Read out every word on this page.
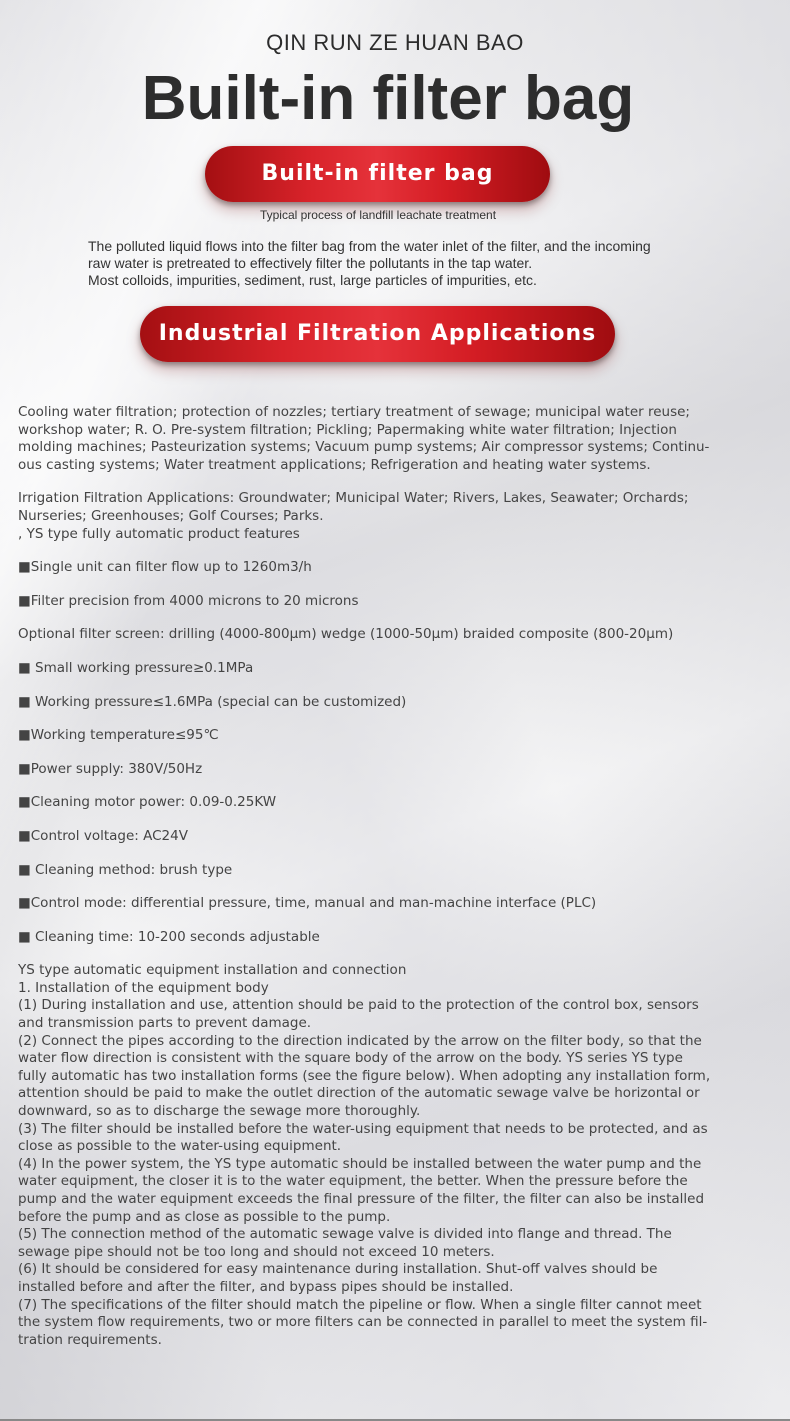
QIN RUN ZE HUAN BAO
Built-in filter bag
Built-in filter bag
Typical process of landfill leachate treatment

The polluted liquid flows into the filter bag from the water inlet of the filter, and the incoming

raw water is pretreated to effectively filter the pollutants in the tap water.

Most colloids, impurities, sediment, rust, large particles of impurities, etc.

Industrial Filtration Applications

Cooling water filtration; protection of nozzles; tertiary treatment of sewage; municipal water reuse;

workshop water; R. O. Pre-system filtration; Pickling; Papermaking white water filtration; Injection

molding machines; Pasteurization systems; Vacuum pump systems; Air compressor systems; Continu-

ous casting systems; Water treatment applications; Refrigeration and heating water systems.

Irrigation Filtration Applications: Groundwater; Municipal Water; Rivers, Lakes, Seawater; Orchards;

Nurseries; Greenhouses; Golf Courses; Parks.

, YS type fully automatic product features

■Single unit can filter flow up to 1260m3/h

■Filter precision from 4000 microns to 20 microns

Optional filter screen: drilling (4000-800μm) wedge (1000-50μm) braided composite (800-20μm)

■ Small working pressure≥0.1MPa

■ Working pressure≤1.6MPa (special can be customized)

■Working temperature≤95℃

■Power supply: 380V/50Hz

■Cleaning motor power: 0.09-0.25KW

■Control voltage: AC24V

■ Cleaning method: brush type

■Control mode: differential pressure, time, manual and man-machine interface (PLC)

■ Cleaning time: 10-200 seconds adjustable

YS type automatic equipment installation and connection

1. Installation of the equipment body

(1) During installation and use, attention should be paid to the protection of the control box, sensors

and transmission parts to prevent damage.

(2) Connect the pipes according to the direction indicated by the arrow on the filter body, so that the

water flow direction is consistent with the square body of the arrow on the body. YS series YS type

fully automatic has two installation forms (see the figure below). When adopting any installation form,

attention should be paid to make the outlet direction of the automatic sewage valve be horizontal or

downward, so as to discharge the sewage more thoroughly.

(3) The filter should be installed before the water-using equipment that needs to be protected, and as

close as possible to the water-using equipment.

(4) In the power system, the YS type automatic should be installed between the water pump and the

water equipment, the closer it is to the water equipment, the better. When the pressure before the

pump and the water equipment exceeds the final pressure of the filter, the filter can also be installed

before the pump and as close as possible to the pump.

(5) The connection method of the automatic sewage valve is divided into flange and thread. The

sewage pipe should not be too long and should not exceed 10 meters.

(6) It should be considered for easy maintenance during installation. Shut-off valves should be

installed before and after the filter, and bypass pipes should be installed.

(7) The specifications of the filter should match the pipeline or flow. When a single filter cannot meet

the system flow requirements, two or more filters can be connected in parallel to meet the system fil-

tration requirements.
